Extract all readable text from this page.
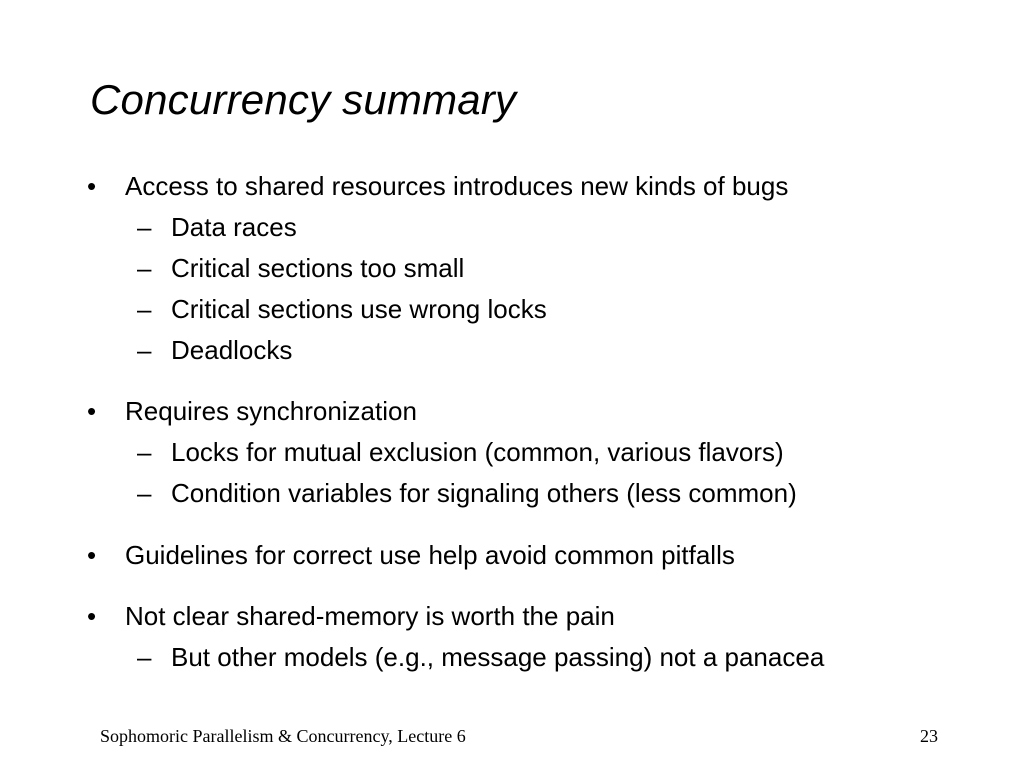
Concurrency summary
•	Access to shared resources introduces new kinds of bugs
– Data races
– Critical sections too small
– Critical sections use wrong locks
– Deadlocks
•	Requires synchronization
– Locks for mutual exclusion (common, various flavors)
– Condition variables for signaling others (less common)
•	Guidelines for correct use help avoid common pitfalls
•	Not clear shared-memory is worth the pain
– But other models (e.g., message passing) not a panacea
Sophomoric Parallelism & Concurrency, Lecture 6	23
